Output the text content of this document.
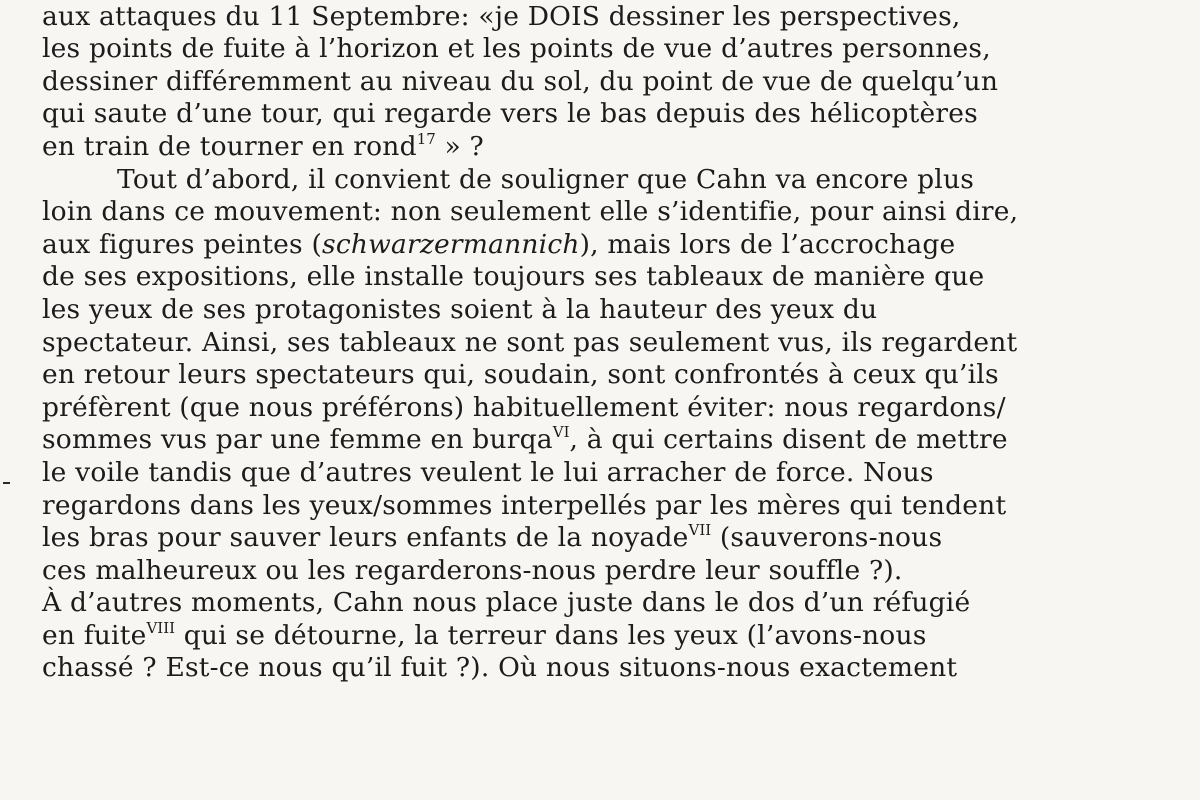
aux attaques du 11 Septembre: «je DOIS dessiner les perspectives,
les points de fuite à l’horizon et les points de vue d’autres personnes,
dessiner différemment au niveau du sol, du point de vue de quelqu’un
qui saute d’une tour, qui regarde vers le bas depuis des hélicoptères
en train de tourner en rond$^{17}$ » ?
Tout d’abord, il convient de souligner que Cahn va encore plus
loin dans ce mouvement: non seulement elle s’identifie, pour ainsi dire,
aux figures peintes (schwarzermannich), mais lors de l’accrochage
de ses expositions, elle installe toujours ses tableaux de manière que
les yeux de ses protagonistes soient à la hauteur des yeux du
spectateur. Ainsi, ses tableaux ne sont pas seulement vus, ils regardent
en retour leurs spectateurs qui, soudain, sont confrontés à ceux qu’ils
préfèrent (que nous préférons) habituellement éviter: nous regardons/
sommes vus par une femme en burqa$^{VI}$, à qui certains disent de mettre
le voile tandis que d’autres veulent le lui arracher de force. Nous
regardons dans les yeux/sommes interpellés par les mères qui tendent
les bras pour sauver leurs enfants de la noyade$^{VII}$ (sauverons-nous
ces malheureux ou les regarderons-nous perdre leur souffle ?).
À d’autres moments, Cahn nous place juste dans le dos d’un réfugié
en fuite$^{VIII}$ qui se détourne, la terreur dans les yeux (l’avons-nous
chassé ? Est-ce nous qu’il fuit ?). Où nous situons-nous exactement
